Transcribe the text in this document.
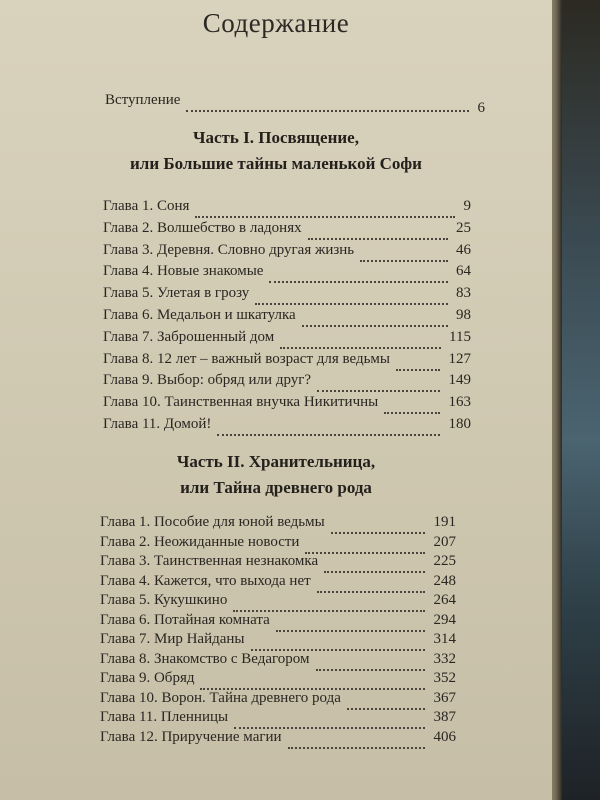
Содержание
Вступление	6
Часть I. Посвящение,
или Большие тайны маленькой Софи
Глава 1. Соня	9
Глава 2. Волшебство в ладонях	25
Глава 3. Деревня. Словно другая жизнь	46
Глава 4. Новые знакомые	64
Глава 5. Улетая в грозу	83
Глава 6. Медальон и шкатулка	98
Глава 7. Заброшенный дом	115
Глава 8. 12 лет – важный возраст для ведьмы	127
Глава 9. Выбор: обряд или друг?	149
Глава 10. Таинственная внучка Никитичны	163
Глава 11. Домой!	180
Часть II. Хранительница,
или Тайна древнего рода
Глава 1. Пособие для юной ведьмы	191
Глава 2. Неожиданные новости	207
Глава 3. Таинственная незнакомка	225
Глава 4. Кажется, что выхода нет	248
Глава 5. Кукушкино	264
Глава 6. Потайная комната	294
Глава 7. Мир Найданы	314
Глава 8. Знакомство с Ведагором	332
Глава 9. Обряд	352
Глава 10. Ворон. Тайна древнего рода	367
Глава 11. Пленницы	387
Глава 12. Приручение магии	406
